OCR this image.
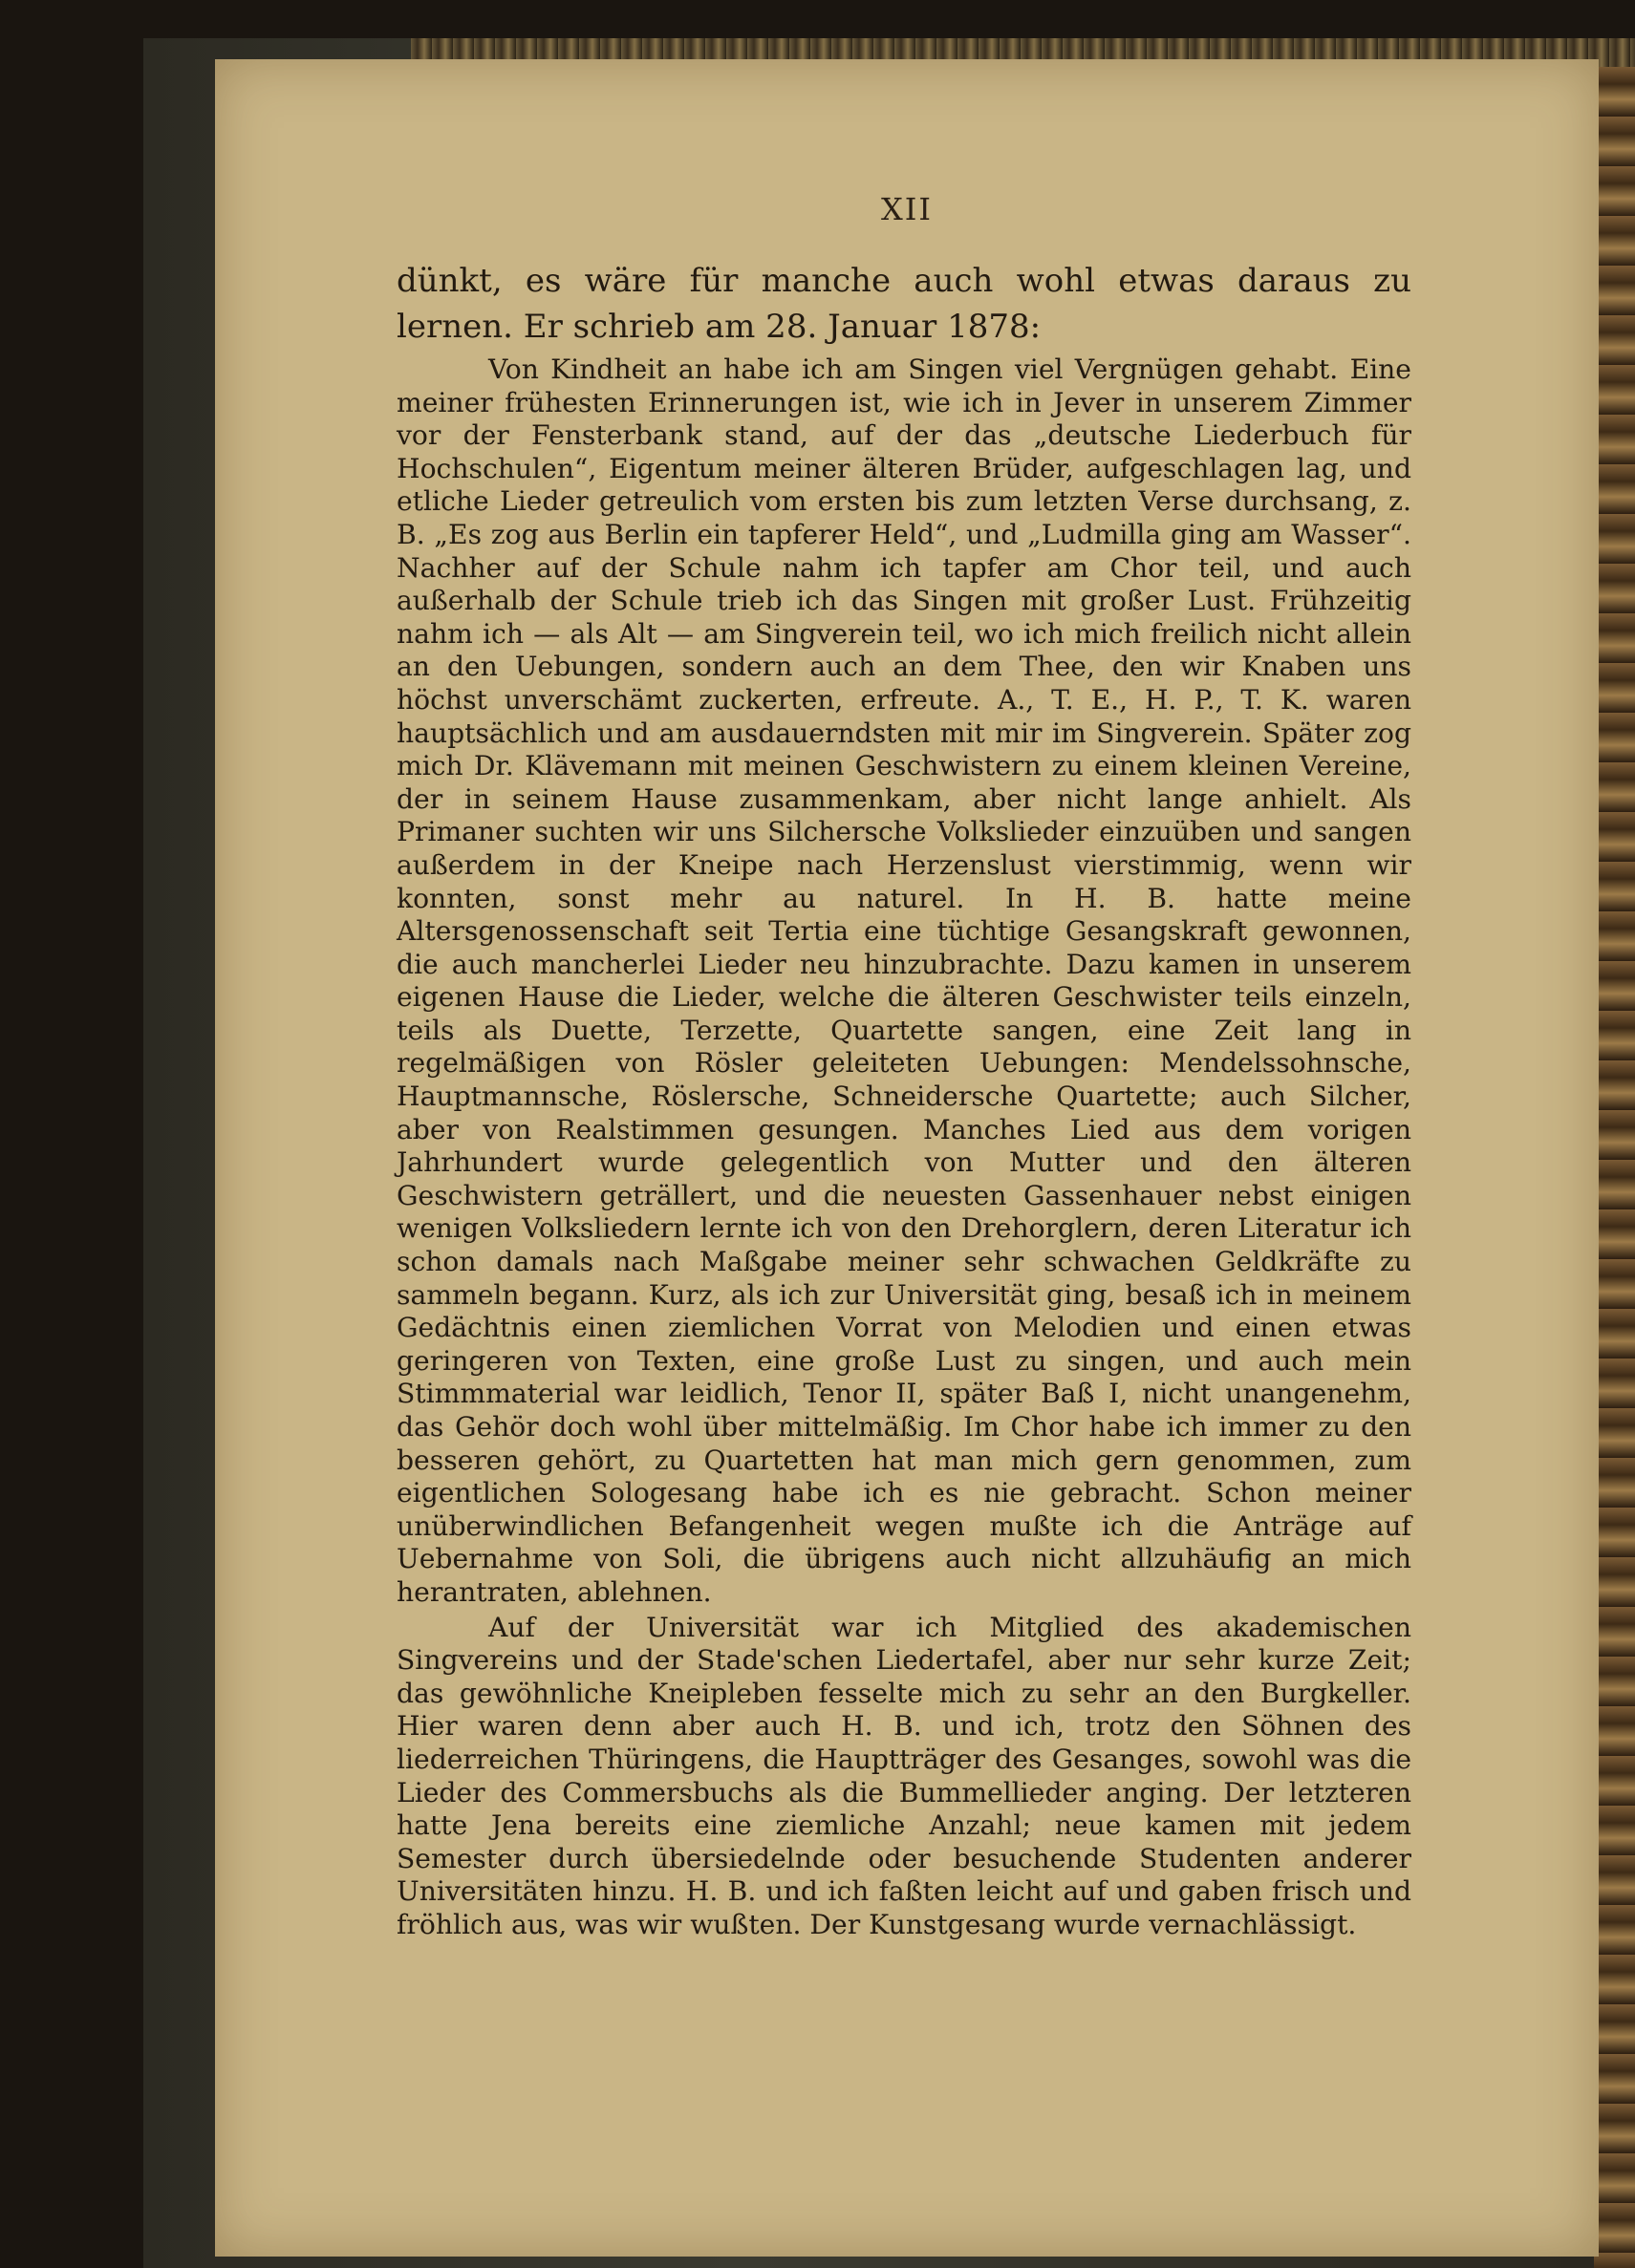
XII

dünkt, es wäre für manche auch wohl etwas daraus zu lernen. Er schrieb am 28. Januar 1878:

Von Kindheit an habe ich am Singen viel Vergnügen gehabt. Eine meiner frühesten Erinnerungen ist, wie ich in Jever in unserem Zimmer vor der Fensterbank stand, auf der das „deutsche Liederbuch für Hochschulen“, Eigentum meiner älteren Brüder, aufgeschlagen lag, und etliche Lieder getreulich vom ersten bis zum letzten Verse durchsang, z. B. „Es zog aus Berlin ein tapferer Held“, und „Ludmilla ging am Wasser“. Nachher auf der Schule nahm ich tapfer am Chor teil, und auch außerhalb der Schule trieb ich das Singen mit großer Lust. Frühzeitig nahm ich — als Alt — am Singverein teil, wo ich mich freilich nicht allein an den Uebungen, sondern auch an dem Thee, den wir Knaben uns höchst unverschämt zuckerten, erfreute. A., T. E., H. P., T. K. waren hauptsächlich und am ausdauerndsten mit mir im Singverein. Später zog mich Dr. Klävemann mit meinen Geschwistern zu einem kleinen Vereine, der in seinem Hause zusammenkam, aber nicht lange anhielt. Als Primaner suchten wir uns Silchersche Volkslieder einzuüben und sangen außerdem in der Kneipe nach Herzenslust vierstimmig, wenn wir konnten, sonst mehr au naturel. In H. B. hatte meine Altersgenossenschaft seit Tertia eine tüchtige Gesangskraft gewonnen, die auch mancherlei Lieder neu hinzubrachte. Dazu kamen in unserem eigenen Hause die Lieder, welche die älteren Geschwister teils einzeln, teils als Duette, Terzette, Quartette sangen, eine Zeit lang in regelmäßigen von Rösler geleiteten Uebungen: Mendelssohnsche, Hauptmannsche, Röslersche, Schneidersche Quartette; auch Silcher, aber von Realstimmen gesungen. Manches Lied aus dem vorigen Jahrhundert wurde gelegentlich von Mutter und den älteren Geschwistern geträllert, und die neuesten Gassenhauer nebst einigen wenigen Volksliedern lernte ich von den Drehorglern, deren Literatur ich schon damals nach Maßgabe meiner sehr schwachen Geldkräfte zu sammeln begann. Kurz, als ich zur Universität ging, besaß ich in meinem Gedächtnis einen ziemlichen Vorrat von Melodien und einen etwas geringeren von Texten, eine große Lust zu singen, und auch mein Stimmmaterial war leidlich, Tenor II, später Baß I, nicht unangenehm, das Gehör doch wohl über mittelmäßig. Im Chor habe ich immer zu den besseren gehört, zu Quartetten hat man mich gern genommen, zum eigentlichen Sologesang habe ich es nie gebracht. Schon meiner unüberwindlichen Befangenheit wegen mußte ich die Anträge auf Uebernahme von Soli, die übrigens auch nicht allzuhäufig an mich herantraten, ablehnen.

Auf der Universität war ich Mitglied des akademischen Singvereins und der Stade'schen Liedertafel, aber nur sehr kurze Zeit; das gewöhnliche Kneipleben fesselte mich zu sehr an den Burgkeller. Hier waren denn aber auch H. B. und ich, trotz den Söhnen des liederreichen Thüringens, die Hauptträger des Gesanges, sowohl was die Lieder des Commersbuchs als die Bummellieder anging. Der letzteren hatte Jena bereits eine ziemliche Anzahl; neue kamen mit jedem Semester durch übersiedelnde oder besuchende Studenten anderer Universitäten hinzu. H. B. und ich faßten leicht auf und gaben frisch und fröhlich aus, was wir wußten. Der Kunstgesang wurde vernachlässigt.
